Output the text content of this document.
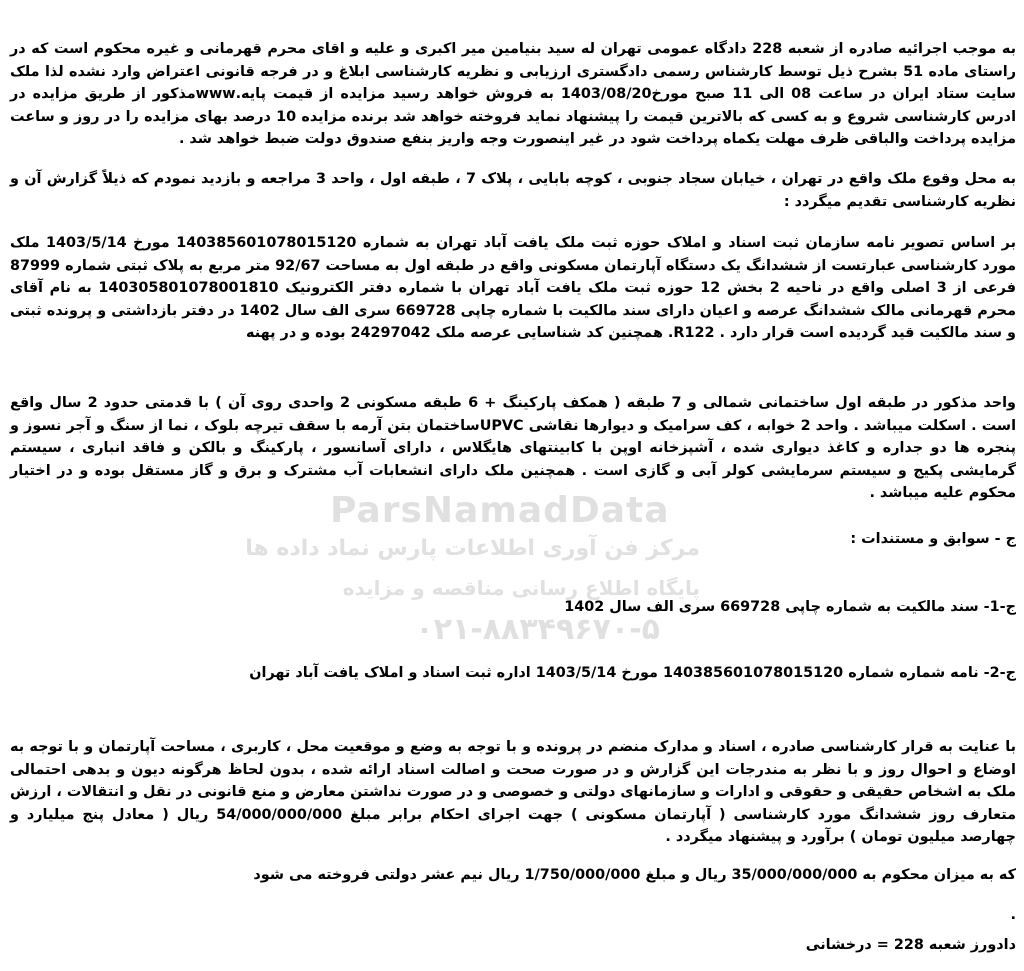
به موجب اجرائیه صادره از شعبه 228 دادگاه عمومی تهران له سید بنیامین میر اکبری و علیه و اقای محرم قهرمانی و غیره محکوم است که در راستای ماده 51 بشرح ذیل توسط کارشناس رسمی دادگستری ارزیابی و نظریه کارشناسی ابلاغ و در فرجه قانونی اعتراض وارد نشده لذا ملک سایت ستاد ایران در ساعت 08 الی 11 صبح مورخ1403/08/20 به فروش خواهد رسید مزایده از قیمت پایه.www‌مذکور از طریق مزایده در ادرس کارشناسی شروع و به کسی که بالاترین قیمت را پیشنهاد نماید فروخته خواهد شد برنده مزایده 10 درصد بهای مزایده را در روز و ساعت مزایده پرداخت والباقی ظرف مهلت یکماه پرداخت شود در غیر اینصورت وجه واریز بنفع صندوق دولت ضبط خواهد شد .

به محل وقوع ملک واقع در تهران ، خیابان سجاد جنوبی ، کوچه بابایی ، پلاک 7 ، طبقه اول ، واحد 3 مراجعه و بازدید نمودم که ذیلاً گزارش آن و نظریه کارشناسی تقدیم میگردد :

بر اساس تصویر نامه سازمان ثبت اسناد و املاک حوزه ثبت ملک یافت آباد تهران به شماره 14038560107801512‌0 مورخ 1403/5/14 ملک مورد کارشناسی عبارتست از ششدانگ یک دستگاه آپارتمان مسکونی واقع در طبقه اول به مساحت 92/67 متر مربع به پلاک ثبتی شماره 87999 فرعی از 3 اصلی واقع در ناحیه 2 بخش 12 حوزه ثبت ملک یافت آباد تهران با شماره دفتر الکترونیک 140305801078001810 به نام آقای محرم قهرمانی مالک ششدانگ عرصه و اعیان دارای سند مالکیت با شماره چاپی 669728 سری الف سال 1402 در دفتر بازداشتی و پرونده ثبتی و سند مالکیت قید گردیده است قرار دارد . R122. همچنین کد شناسایی عرصه ملک 24297042 بوده و در پهنه

واحد مذکور در طبقه اول ساختمانی شمالی و 7 طبقه ( همکف پارکینگ + 6 طبقه مسکونی 2 واحدی روی آن ) با قدمتی حدود 2 سال واقع است . اسکلت میباشد . واحد 2 خوابه ، کف سرامیک و دیوارها نقاشی UPVCساختمان بتن آرمه با سقف تیرچه بلوک ، نما از سنگ و آجر نسوز و پنجره ها دو جداره و کاغذ دیواری شده ، آشپزخانه اوپن با کابینتهای هایگلاس ، دارای آسانسور ، پارکینگ و بالکن و فاقد انباری ، سیستم گرمایشی پکیج و سیستم سرمایشی کولر آبی و گازی است . همچنین ملک دارای انشعابات آب مشترک و برق و گاز مستقل بوده و در اختیار محکوم علیه میباشد .

ج - سوابق و مستندات :
ج-1- سند مالکیت به شماره چاپی 669728 سری الف سال 1402
ج-2- نامه شماره شماره 140385601078015120 مورخ 1403/5/14 اداره ثبت اسناد و املاک یافت آباد تهران

با عنایت به قرار کارشناسی صادره ، اسناد و مدارک منضم در پرونده و با توجه به وضع و موقعیت محل ، کاربری ، مساحت آپارتمان و با توجه به اوضاع و احوال روز و با نظر به مندرجات این گزارش و در صورت صحت و اصالت اسناد ارائه شده ، بدون لحاظ هرگونه دیون و بدهی احتمالی ملک به اشخاص حقیقی و حقوقی و ادارات و سازمانهای دولتی و خصوصی و در صورت نداشتن معارض و منع قانونی در نقل و انتقالات ، ارزش متعارف روز ششدانگ مورد کارشناسی ( آپارتمان مسکونی ) جهت اجرای احکام برابر مبلغ 54/000/000/000 ریال ( معادل پنج میلیارد و چهارصد میلیون تومان ) برآورد و پیشنهاد میگردد .

که به میزان محکوم به 35/000/000/000 ریال و مبلغ 1/750/000/000 ریال نیم عشر دولتی فروخته می شود
.
دادورز شعبه 228 = درخشانی
ParsNamadData
مرکز فن آوری اطلاعات پارس نماد داده ها
پایگاه اطلاع رسانی مناقصه و مزایده
۰۲۱-۸۸۳۴۹۶۷۰-۵
